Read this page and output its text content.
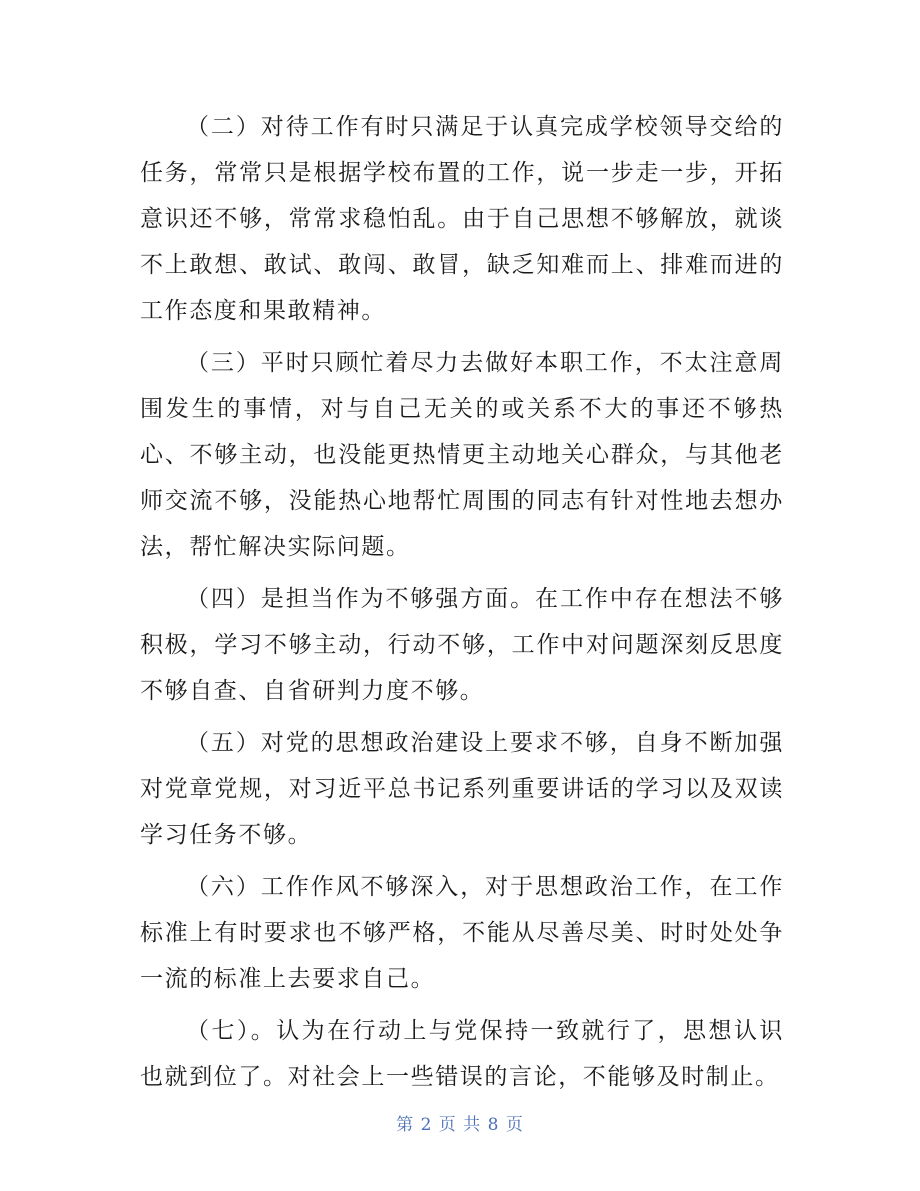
（二）对待工作有时只满足于认真完成学校领导交给的任务，常常只是根据学校布置的工作，说一步走一步，开拓意识还不够，常常求稳怕乱。由于自己思想不够解放，就谈不上敢想、敢试、敢闯、敢冒，缺乏知难而上、排难而进的工作态度和果敢精神。

（三）平时只顾忙着尽力去做好本职工作，不太注意周围发生的事情，对与自己无关的或关系不大的事还不够热心、不够主动，也没能更热情更主动地关心群众，与其他老师交流不够，没能热心地帮忙周围的同志有针对性地去想办法，帮忙解决实际问题。

（四）是担当作为不够强方面。在工作中存在想法不够积极，学习不够主动，行动不够，工作中对问题深刻反思度不够自查、自省研判力度不够。

（五）对党的思想政治建设上要求不够，自身不断加强对党章党规，对习近平总书记系列重要讲话的学习以及双读学习任务不够。

（六）工作作风不够深入，对于思想政治工作，在工作标准上有时要求也不够严格，不能从尽善尽美、时时处处争一流的标准上去要求自己。

（七）。认为在行动上与党保持一致就行了，思想认识也就到位了。对社会上一些错误的言论，不能够及时制止。

第 2 页 共 8 页
